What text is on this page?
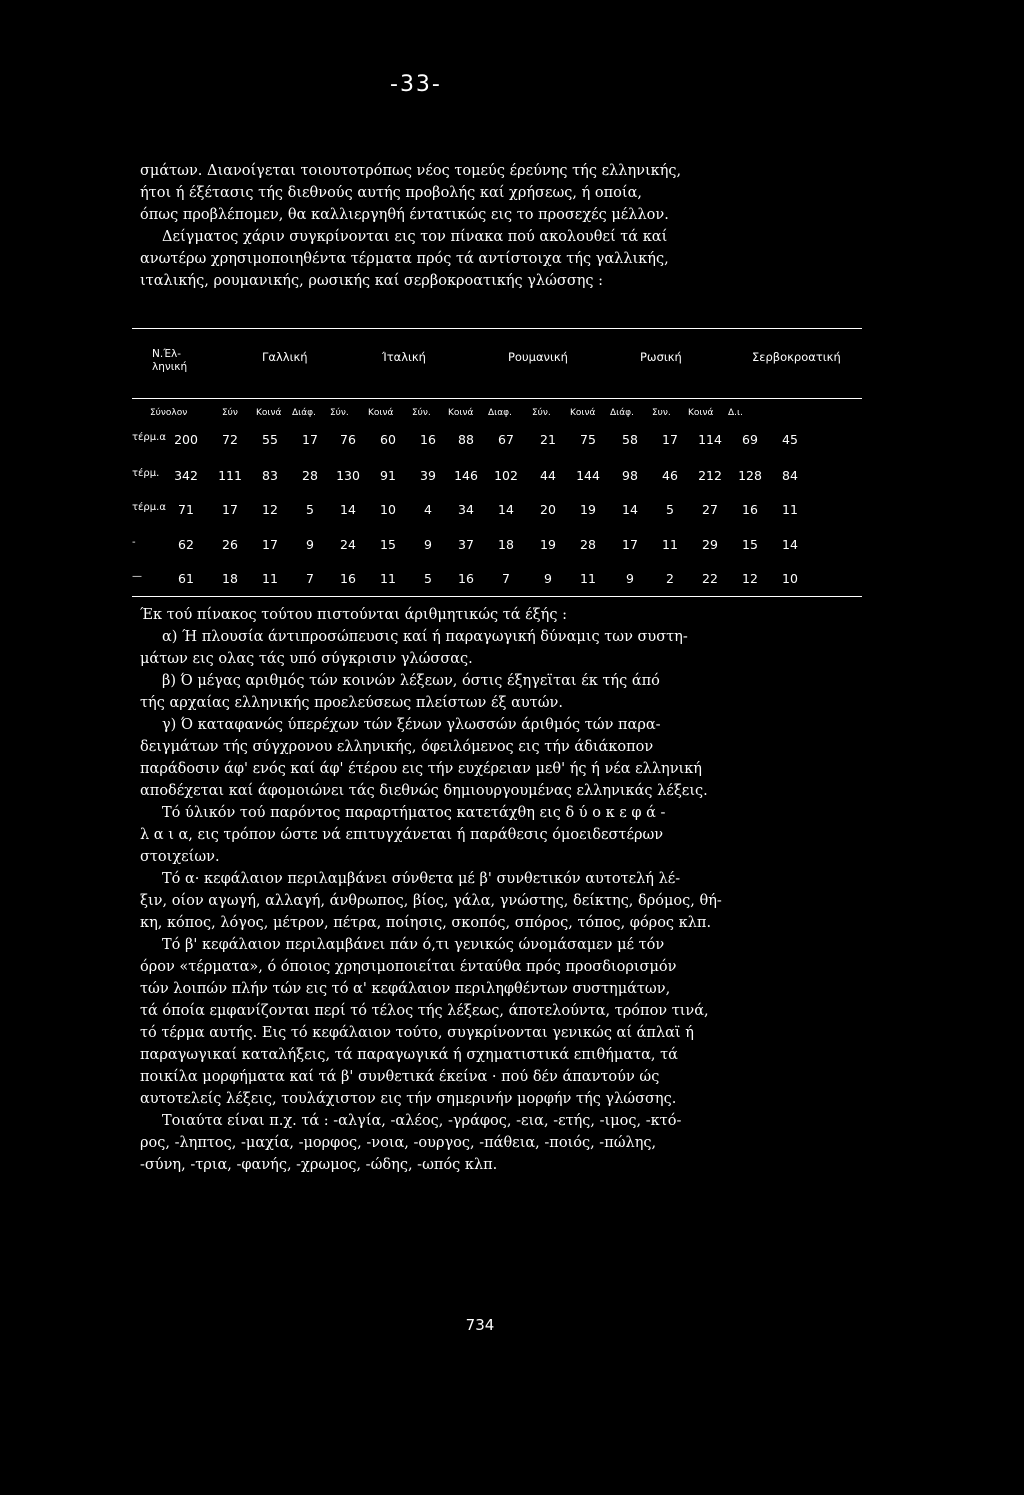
-33-
σμάτων. Διανοίγεται τοιουτοτρόπως νέος τομεύς έρεύνης τής ελληνικής,
ήτοι ή έξέτασις τής διεθνούς αυτής προβολής καί χρήσεως, ή οποία,
όπως προβλέπομεν, θα καλλιεργηθή έντατικώς εις το προσεχές μέλλον.
Δείγματος χάριν συγκρίνονται εις τον πίνακα πού ακολουθεί τά καί
ανωτέρω χρησιμοποιηθέντα τέρματα πρός τά αντίστοιχα τής γαλλικής,
ιταλικής, ρουμανικής, ρωσικής καί σερβοκροατικής γλώσσης :
Ν.Έλ-
ληνική
Γαλλική	Ίταλική	Ρουμανική	Ρωσική	Σερβοκροατική
Σύνολον	Σύν Κοινά Διάφ. Σύν. Κοινά Σύν. Κοινά Διαφ. Σύν. Κοινά Διάφ. Συν. Κοινά Δ.ι.
τέρμ.α 200	72	55	17	76	60	16	88	67	21	75	58	17	114	69	45
τέρμ.	342	111	83	28	130	91	39	146	102	44	144	98	46	212	128	84
τέρμ.α 71	17	12	5	14	10	4	34	14	20	19	14	5	27	16	11
-	62	26	17	9	24	15	9	37	18	19	28	17	11	29	15	14
—	61	18	11	7	16	11	5	16	7	9	11	9	2	22	12	10
Έκ τού πίνακος τούτου πιστούνται άριθμητικώς τά έξής :
α) Ή πλουσία άντιπροσώπευσις καί ή παραγωγική δύναμις των συστη-
μάτων εις ολας τάς υπό σύγκρισιν γλώσσας.
β) Ό μέγας αριθμός τών κοινών λέξεων, όστις έξηγεϊται έκ τής άπό
τής αρχαίας ελληνικής προελεύσεως πλείστων έξ αυτών.
γ) Ό καταφανώς ύπερέχων τών ξένων γλωσσών άριθμός τών παρα-
δειγμάτων τής σύγχρονου ελληνικής, όφειλόμενος εις τήν άδιάκοπον
παράδοσιν άφ' ενός καί άφ' έτέρου εις τήν ευχέρειαν μεθ' ής ή νέα ελληνική
αποδέχεται καί άφομοιώνει τάς διεθνώς δημιουργουμένας ελληνικάς λέξεις.
Τό ύλικόν τού παρόντος παραρτήματος κατετάχθη εις δ ύ ο κ ε φ ά -
λ α ι α, εις τρόπον ώστε νά επιτυγχάνεται ή παράθεσις όμοειδεστέρων
στοιχείων.
Τό α· κεφάλαιον περιλαμβάνει σύνθετα μέ β' συνθετικόν αυτοτελή λέ-
ξιν, οίον αγωγή, αλλαγή, άνθρωπος, βίος, γάλα, γνώστης, δείκτης, δρόμος, θή-
κη, κόπος, λόγος, μέτρον, πέτρα, ποίησις, σκοπός, σπόρος, τόπος, φόρος κλπ.
Τό β' κεφάλαιον περιλαμβάνει πάν ό,τι γενικώς ώνομάσαμεν μέ τόν
όρον «τέρματα», ό όποιος χρησιμοποιείται ένταύθα πρός προσδιορισμόν
τών λοιπών πλήν τών εις τό α' κεφάλαιον περιληφθέντων συστημάτων,
τά όποία εμφανίζονται περί τό τέλος τής λέξεως, άποτελούντα, τρόπον τινά,
τό τέρμα αυτής. Εις τό κεφάλαιον τούτο, συγκρίνονται γενικώς αί άπλαϊ ή
παραγωγικαί καταλήξεις, τά παραγωγικά ή σχηματιστικά επιθήματα, τά
ποικίλα μορφήματα καί τά β' συνθετικά έκείνα · πού δέν άπαντούν ώς
αυτοτελείς λέξεις, τουλάχιστον εις τήν σημερινήν μορφήν τής γλώσσης.
Τοιαύτα είναι π.χ. τά : -αλγία, -αλέος, -γράφος, -εια, -ετής, -ιμος, -κτό-
ρος, -ληπτος, -μαχία, -μορφος, -νοια, -ουργος, -πάθεια, -ποιός, -πώλης,
-σύνη, -τρια, -φανής, -χρωμος, -ώδης, -ωπός κλπ.
734
